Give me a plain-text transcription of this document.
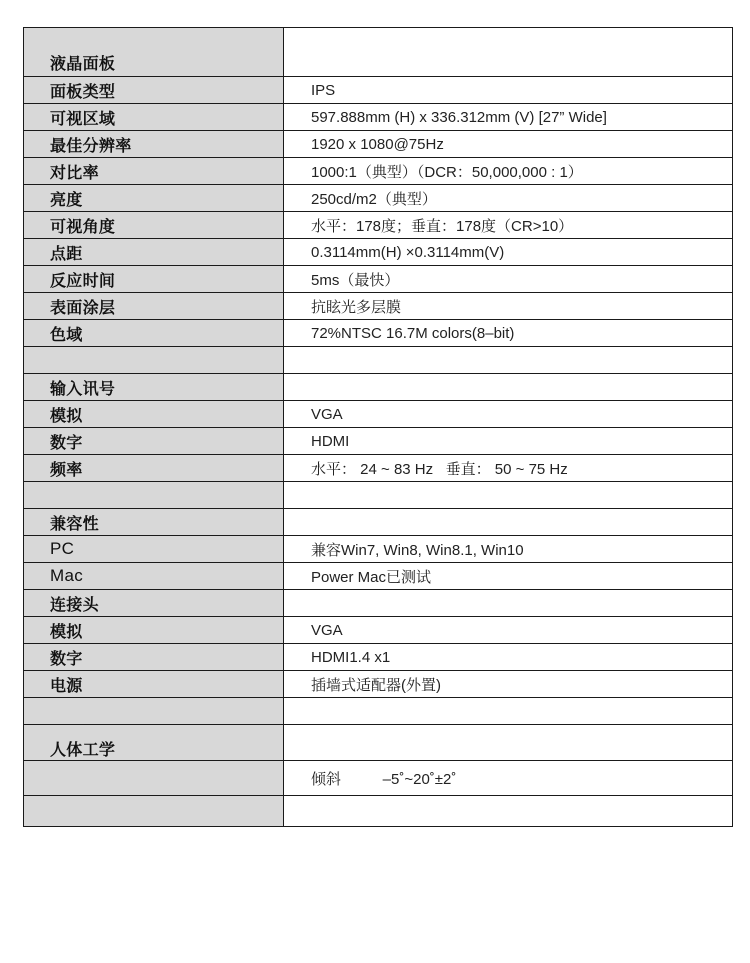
液晶面板	
面板类型	IPS
可视区域	597.888mm (H) x 336.312mm (V) [27” Wide]
最佳分辨率	1920 x 1080@75Hz
对比率	1000:1（典型）（DCR：50,000,000 : 1）
亮度	250cd/m2（典型）
可视角度	水平：178度；垂直：178度（CR>10）
点距	0.3114mm(H) ×0.3114mm(V)
反应时间	5ms（最快）
表面涂层	抗眩光多层膜
色域	72%NTSC 16.7M colors(8–bit)

输入讯号	
模拟	VGA
数字	HDMI
频率	水平： 24 ~ 83 Hz   垂直： 50 ~ 75 Hz

兼容性	
PC	兼容Win7, Win8, Win8.1, Win10
Mac	Power Mac已测试
连接头	
模拟	VGA
数字	HDMI1.4 x1
电源	插墙式适配器(外置)

人体工学	
	倾斜          –5˚~20˚±2˚
